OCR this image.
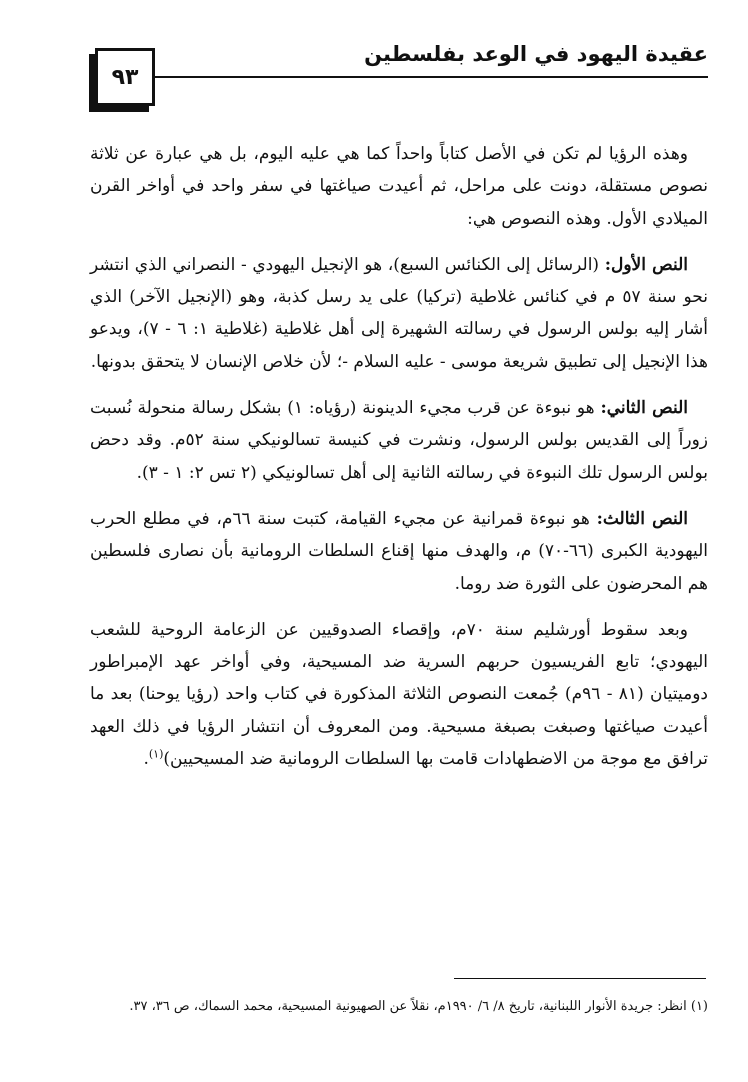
عقيدة اليهود في الوعد بفلسطين
٩٣

وهذه الرؤيا لم تكن في الأصل كتاباً واحداً كما هي عليه اليوم، بل هي عبارة عن ثلاثة نصوص مستقلة، دونت على مراحل، ثم أعيدت صياغتها في سفر واحد في أواخر القرن الميلادي الأول. وهذه النصوص هي:

النص الأول: (الرسائل إلى الكنائس السبع)، هو الإنجيل اليهودي - النصراني الذي انتشر نحو سنة ٥٧ م في كنائس غلاطية (تركيا) على يد رسل كذبة، وهو (الإنجيل الآخر) الذي أشار إليه بولس الرسول في رسالته الشهيرة إلى أهل غلاطية (غلاطية ١: ٦ - ٧)، ويدعو هذا الإنجيل إلى تطبيق شريعة موسى - عليه السلام -؛ لأن خلاص الإنسان لا يتحقق بدونها.

النص الثاني: هو نبوءة عن قرب مجيء الدينونة (رؤياه: ١) بشكل رسالة منحولة نُسبت زوراً إلى القديس بولس الرسول، ونشرت في كنيسة تسالونيكي سنة ٥٢م. وقد دحض بولس الرسول تلك النبوءة في رسالته الثانية إلى أهل تسالونيكي (٢ تس ٢: ١ - ٣).

النص الثالث: هو نبوءة قمرانية عن مجيء القيامة، كتبت سنة ٦٦م، في مطلع الحرب اليهودية الكبرى (٦٦-٧٠) م، والهدف منها إقناع السلطات الرومانية بأن نصارى فلسطين هم المحرضون على الثورة ضد روما.

وبعد سقوط أورشليم سنة ٧٠م، وإقصاء الصدوقيين عن الزعامة الروحية للشعب اليهودي؛ تابع الفريسيون حربهم السرية ضد المسيحية، وفي أواخر عهد الإمبراطور دوميتيان (٨١ - ٩٦م) جُمعت النصوص الثلاثة المذكورة في كتاب واحد (رؤيا يوحنا) بعد ما أعيدت صياغتها وصبغت بصبغة مسيحية. ومن المعروف أن انتشار الرؤيا في ذلك العهد ترافق مع موجة من الاضطهادات قامت بها السلطات الرومانية ضد المسيحيين)$^{(١)}$.

(١) انظر: جريدة الأنوار اللبنانية، تاريخ ٨/ ٦/ ١٩٩٠م، نقلاً عن الصهيونية المسيحية، محمد السماك، ص ٣٦، ٣٧.
